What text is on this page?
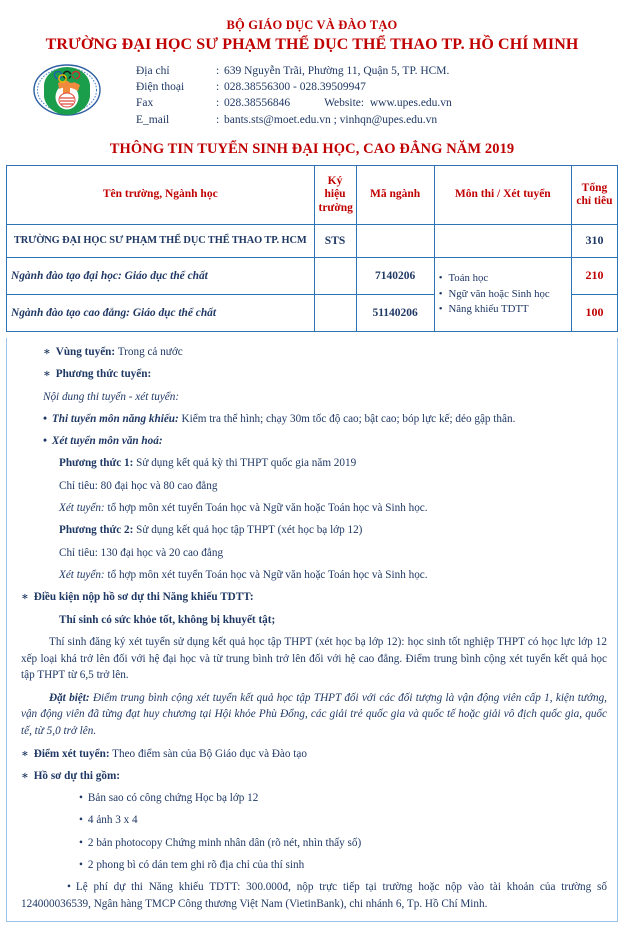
BỘ GIÁO DỤC VÀ ĐÀO TẠO
TRƯỜNG ĐẠI HỌC SƯ PHẠM THỂ DỤC THỂ THAO TP. HỒ CHÍ MINH
Địa chỉ	: 639 Nguyễn Trãi, Phường 11, Quận 5, TP. HCM.
Điện thoại	: 028.38556300 - 028.39509947
Fax	: 028.38556846	Website:
www.upes.edu.vn
E_mail	: bants.sts@moet.edu.vn ; vinhqn@upes.edu.vn
THÔNG TIN TUYỂN SINH ĐẠI HỌC, CAO ĐẲNG NĂM 2019
Tên trường, Ngành học	Ký hiệu trường	Mã ngành	Môn thi / Xét tuyển	Tổng chỉ tiêu
TRƯỜNG ĐẠI HỌC SƯ PHẠM THỂ DỤC THỂ THAO TP. HCM	STS			310
Ngành đào tạo đại học: Giáo dục thể chất		7140206	• Toán học
• Ngữ văn hoặc Sinh học
• Năng khiếu TDTT	210
Ngành đào tạo cao đẳng: Giáo dục thể chất		51140206		100

∗ Vùng tuyển: Trong cả nước

∗ Phương thức tuyển:

Nội dung thi tuyển - xét tuyển:

• Thi tuyển môn năng khiếu: Kiểm tra thể hình; chạy 30m tốc độ cao; bật cao; bóp lực kế; dẻo gập thân.

• Xét tuyển môn văn hoá:

Phương thức 1: Sử dụng kết quả kỳ thi THPT quốc gia năm 2019

Chỉ tiêu: 80 đại học và 80 cao đẳng

Xét tuyển: tổ hợp môn xét tuyển Toán học và Ngữ văn hoặc Toán học và Sinh học.

Phương thức 2: Sử dụng kết quả học tập THPT (xét học bạ lớp 12)

Chỉ tiêu: 130 đại học và 20 cao đẳng

Xét tuyển: tổ hợp môn xét tuyển Toán học và Ngữ văn hoặc Toán học và Sinh học.

∗ Điều kiện nộp hồ sơ dự thi Năng khiếu TDTT:

Thí sinh có sức khỏe tốt, không bị khuyết tật;

Thí sinh đăng ký xét tuyển sử dụng kết quả học tập THPT (xét học bạ lớp 12): học sinh tốt nghiệp THPT có học lực lớp 12 xếp loại khá trở lên đối với hệ đại học và từ trung bình trở lên đối với hệ cao đẳng. Điểm trung bình cộng xét tuyển kết quả học tập THPT từ 6,5 trở lên.

Đặt biệt: Điểm trung bình cộng xét tuyển kết quả học tập THPT đối với các đối tượng là vận động viên cấp 1, kiện tướng, vận động viên đã từng đạt huy chương tại Hội khỏe Phù Đổng, các giải trẻ quốc gia và quốc tế hoặc giải vô địch quốc gia, quốc tế, từ 5,0 trở lên.

∗ Điểm xét tuyển: Theo điểm sàn của Bộ Giáo dục và Đào tạo

∗ Hồ sơ dự thi gồm:

• Bản sao có công chứng Học bạ lớp 12

• 4 ảnh 3 x 4

• 2 bản photocopy Chứng minh nhân dân (rõ nét, nhìn thấy số)

• 2 phong bì có dán tem ghi rõ địa chỉ của thí sinh

• Lệ phí dự thi Năng khiếu TDTT: 300.000đ, nộp trực tiếp tại trường hoặc nộp vào tài khoản của trường số 124000036539, Ngân hàng TMCP Công thương Việt Nam (VietinBank), chi nhánh 6, Tp. Hồ Chí Minh.
